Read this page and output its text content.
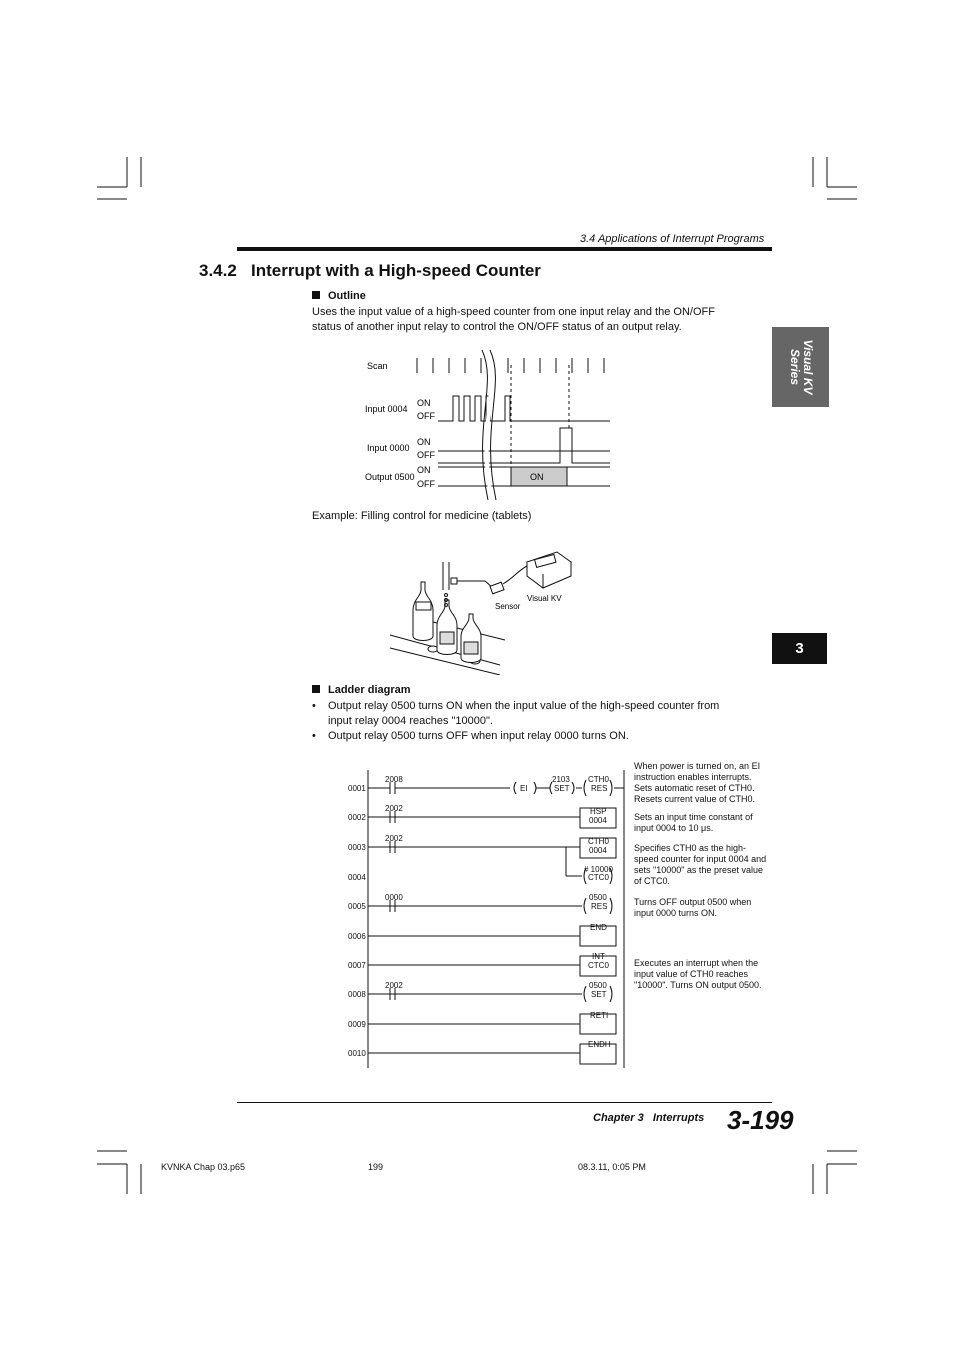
3.4 Applications of Interrupt Programs
3.4.2   Interrupt with a High-speed Counter
Visual KV
Series
3
Outline
Uses the input value of a high-speed counter from one input relay and the ON/OFF status of another input relay to control the ON/OFF status of an output relay.
Scan
Input 0004
ON
OFF
Input 0000
ON
OFF
Output 0500
ON
OFF
ON
Example: Filling control for medicine (tablets)
Sensor
Visual KV
Ladder diagram
• Output relay 0500 turns ON when the input value of the high-speed counter from input relay 0004 reaches "10000".
• Output relay 0500 turns OFF when input relay 0000 turns ON.
0001
0002
0003
0004
0005
0006
0007
0008
0009
0010
2008
2002
2002
0000
2002
EI
2103
SET
CTH0
RES
HSP
0004
CTH0
0004
# 10000
CTC0
0500
RES
END
INT
CTC0
0500
SET
RETI
ENDH
When power is turned on, an EI instruction enables interrupts. Sets automatic reset of CTH0. Resets current value of CTH0.
Sets an input time constant of input 0004 to 10 μs.
Specifies CTH0 as the high-speed counter for input 0004 and sets "10000" as the preset value of CTC0.
Turns OFF output 0500 when input 0000 turns ON.
Executes an interrupt when the input value of CTH0 reaches "10000". Turns ON output 0500.
Chapter 3   Interrupts 3-199
KVNKA Chap 03.p65	199	08.3.11, 0:05 PM
